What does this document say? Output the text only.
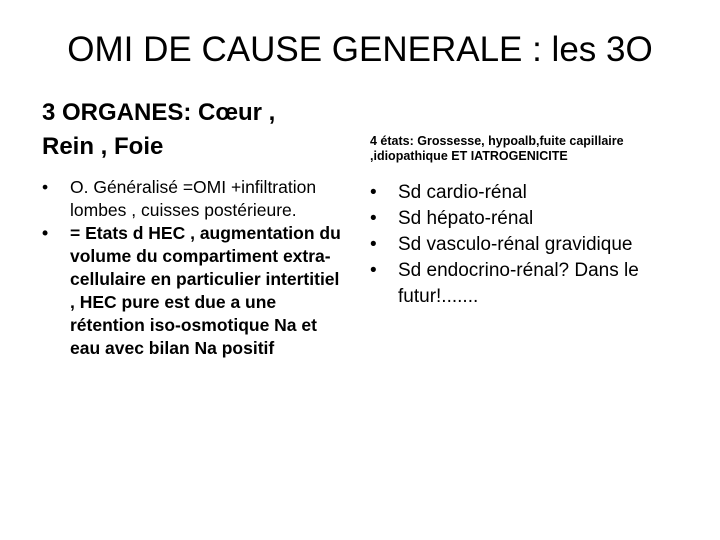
OMI DE CAUSE GENERALE : les 3O
3 ORGANES: Cœur ,
Rein , Foie
• O. Généralisé =OMI +infiltration lombes , cuisses postérieure.
• = Etats d HEC , augmentation du volume du compartiment extra-cellulaire en particulier intertitiel , HEC pure est due a une rétention iso-osmotique Na et eau avec bilan Na positif
4 états: Grossesse, hypoalb,fuite capillaire
,idiopathique ET IATROGENICITE
• Sd cardio-rénal
• Sd hépato-rénal
• Sd vasculo-rénal gravidique
• Sd endocrino-rénal? Dans le futur!.......
